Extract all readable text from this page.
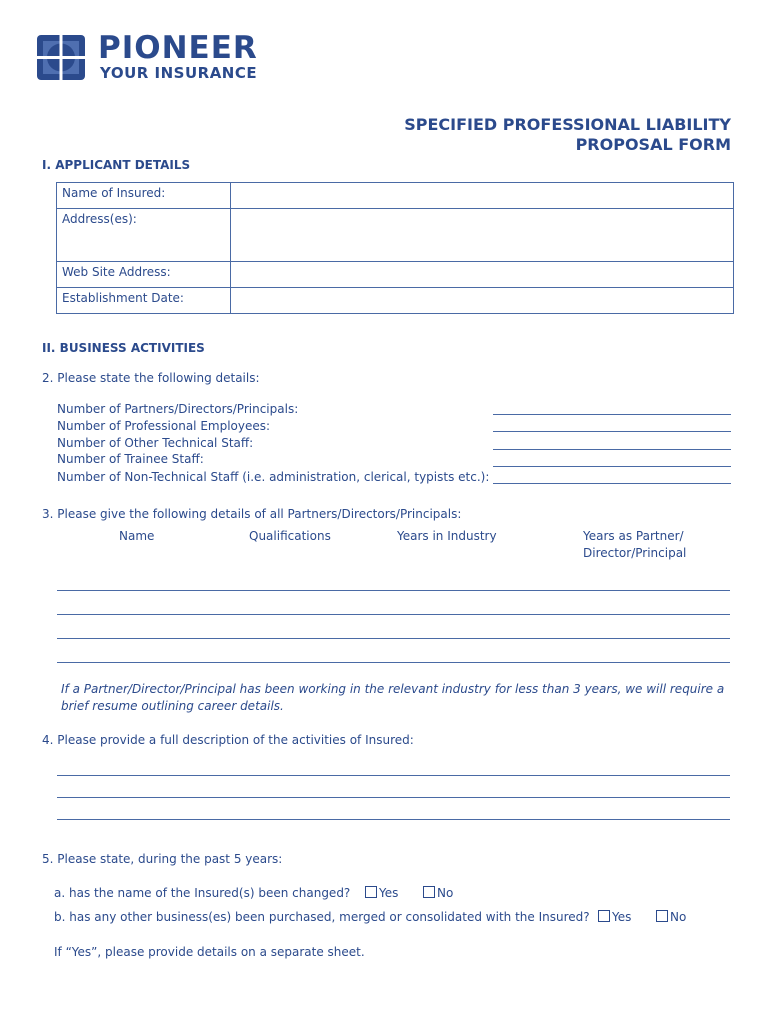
PIONEER
YOUR INSURANCE
SPECIFIED PROFESSIONAL LIABILITY
PROPOSAL FORM
I. APPLICANT DETAILS
Name of Insured:	
Address(es):	
Web Site Address:	
Establishment Date:	
II. BUSINESS ACTIVITIES
2. Please state the following details:
Number of Partners/Directors/Principals:
Number of Professional Employees:
Number of Other Technical Staff:
Number of Trainee Staff:
Number of Non-Technical Staff (i.e. administration, clerical, typists etc.):
3. Please give the following details of all Partners/Directors/Principals:
Name	Qualifications	Years in Industry	Years as Partner/
Director/Principal
If a Partner/Director/Principal has been working in the relevant industry for less than 3 years, we will require a
brief resume outlining career details.
4. Please provide a full description of the activities of Insured:
5. Please state, during the past 5 years:
a. has the name of the Insured(s) been changed?	Yes	No
b. has any other business(es) been purchased, merged or consolidated with the Insured?	Yes	No
If “Yes”, please provide details on a separate sheet.
